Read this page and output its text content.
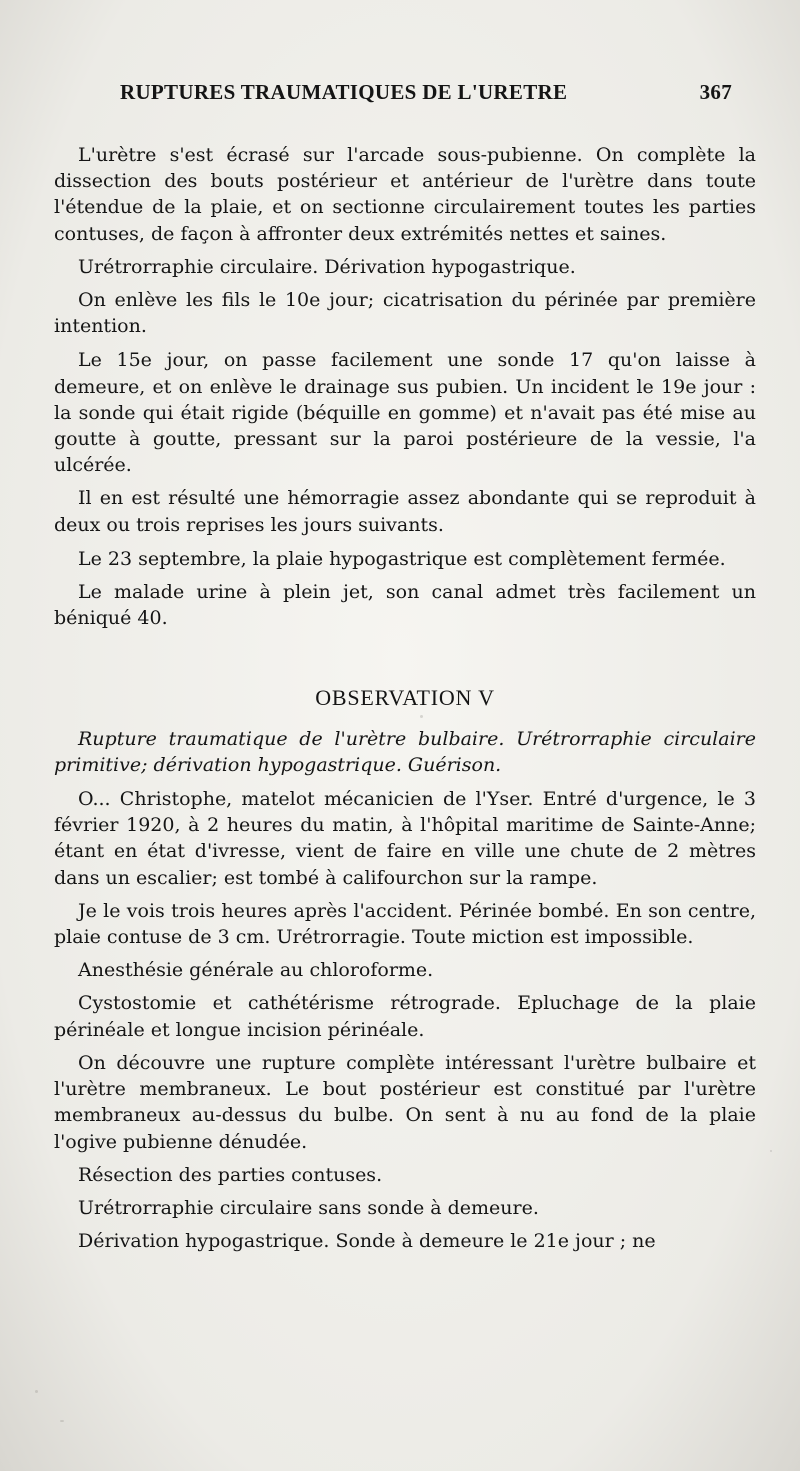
RUPTURES TRAUMATIQUES DE L'URETRE	367

L'urètre s'est écrasé sur l'arcade sous-pubienne. On complète la dissection des bouts postérieur et antérieur de l'urètre dans toute l'étendue de la plaie, et on sectionne circulairement toutes les parties contuses, de façon à affronter deux extrémités nettes et saines.

Urétrorraphie circulaire. Dérivation hypogastrique.

On enlève les fils le 10e jour; cicatrisation du périnée par première intention.

Le 15e jour, on passe facilement une sonde 17 qu'on laisse à demeure, et on enlève le drainage sus pubien. Un incident le 19e jour : la sonde qui était rigide (béquille en gomme) et n'avait pas été mise au goutte à goutte, pressant sur la paroi postérieure de la vessie, l'a ulcérée.

Il en est résulté une hémorragie assez abondante qui se reproduit à deux ou trois reprises les jours suivants.

Le 23 septembre, la plaie hypogastrique est complètement fermée.

Le malade urine à plein jet, son canal admet très facilement un béniqué 40.

OBSERVATION V

Rupture traumatique de l'urètre bulbaire. Urétrorraphie circulaire primitive; dérivation hypogastrique. Guérison.

O... Christophe, matelot mécanicien de l'Yser. Entré d'urgence, le 3 février 1920, à 2 heures du matin, à l'hôpital maritime de Sainte-Anne; étant en état d'ivresse, vient de faire en ville une chute de 2 mètres dans un escalier; est tombé à califourchon sur la rampe.

Je le vois trois heures après l'accident. Périnée bombé. En son centre, plaie contuse de 3 cm. Urétrorragie. Toute miction est impossible.

Anesthésie générale au chloroforme.

Cystostomie et cathétérisme rétrograde. Epluchage de la plaie périnéale et longue incision périnéale.

On découvre une rupture complète intéressant l'urètre bulbaire et l'urètre membraneux. Le bout postérieur est constitué par l'urètre membraneux au-dessus du bulbe. On sent à nu au fond de la plaie l'ogive pubienne dénudée.

Résection des parties contuses.

Urétrorraphie circulaire sans sonde à demeure.

Dérivation hypogastrique. Sonde à demeure le 21e jour ; ne
